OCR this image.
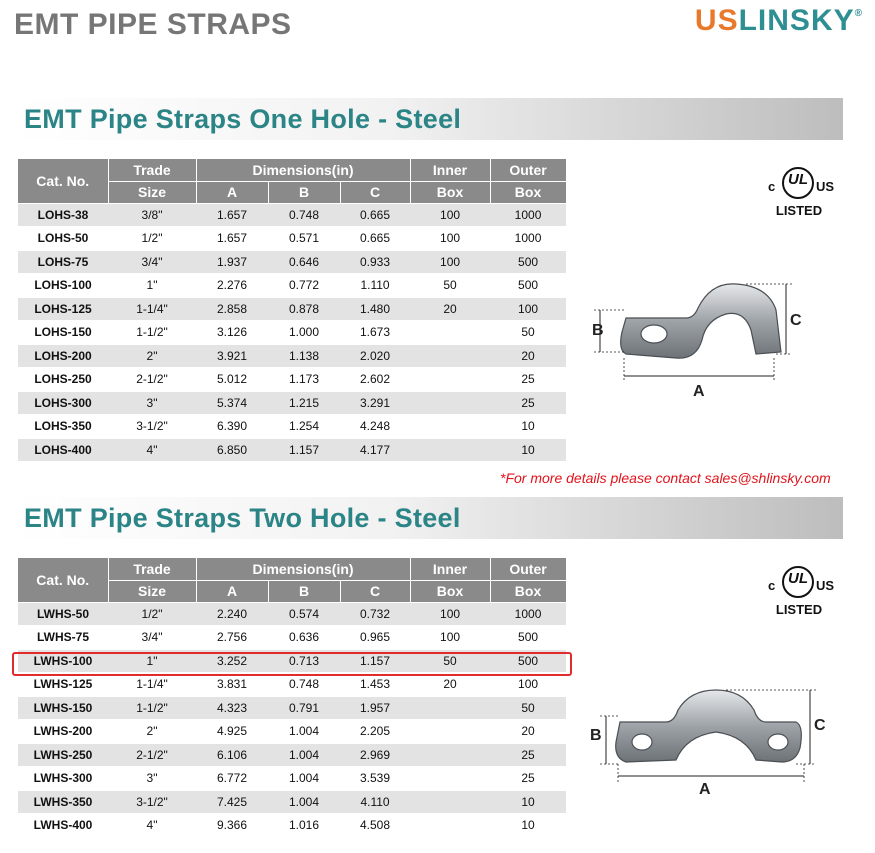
EMT PIPE STRAPS	USLINSKY®
EMT Pipe Straps One Hole - Steel
Cat. No.	Trade	Dimensions(in)			Inner	Outer
	Size	A	B	C	Box	Box
LOHS-38	3/8"	1.657	0.748	0.665	100	1000
LOHS-50	1/2"	1.657	0.571	0.665	100	1000
LOHS-75	3/4"	1.937	0.646	0.933	100	500
LOHS-100	1"	2.276	0.772	1.110	50	500
LOHS-125	1-1/4"	2.858	0.878	1.480	20	100
LOHS-150	1-1/2"	3.126	1.000	1.673		50
LOHS-200	2"	3.921	1.138	2.020		20
LOHS-250	2-1/2"	5.012	1.173	2.602		25
LOHS-300	3"	5.374	1.215	3.291		25
LOHS-350	3-1/2"	6.390	1.254	4.248		10
LOHS-400	4"	6.850	1.157	4.177		10
UL
c	US
LISTED
B
C
A
*For more details please contact sales@shlinsky.com
EMT Pipe Straps Two Hole - Steel
Cat. No.	Trade	Dimensions(in)			Inner	Outer
	Size	A	B	C	Box	Box
LWHS-50	1/2"	2.240	0.574	0.732	100	1000
LWHS-75	3/4"	2.756	0.636	0.965	100	500
LWHS-100	1"	3.252	0.713	1.157	50	500
LWHS-125	1-1/4"	3.831	0.748	1.453	20	100
LWHS-150	1-1/2"	4.323	0.791	1.957		50
LWHS-200	2"	4.925	1.004	2.205		20
LWHS-250	2-1/2"	6.106	1.004	2.969		25
LWHS-300	3"	6.772	1.004	3.539		25
LWHS-350	3-1/2"	7.425	1.004	4.110		10
LWHS-400	4"	9.366	1.016	4.508		10
UL
c	US
LISTED
B
C
A
